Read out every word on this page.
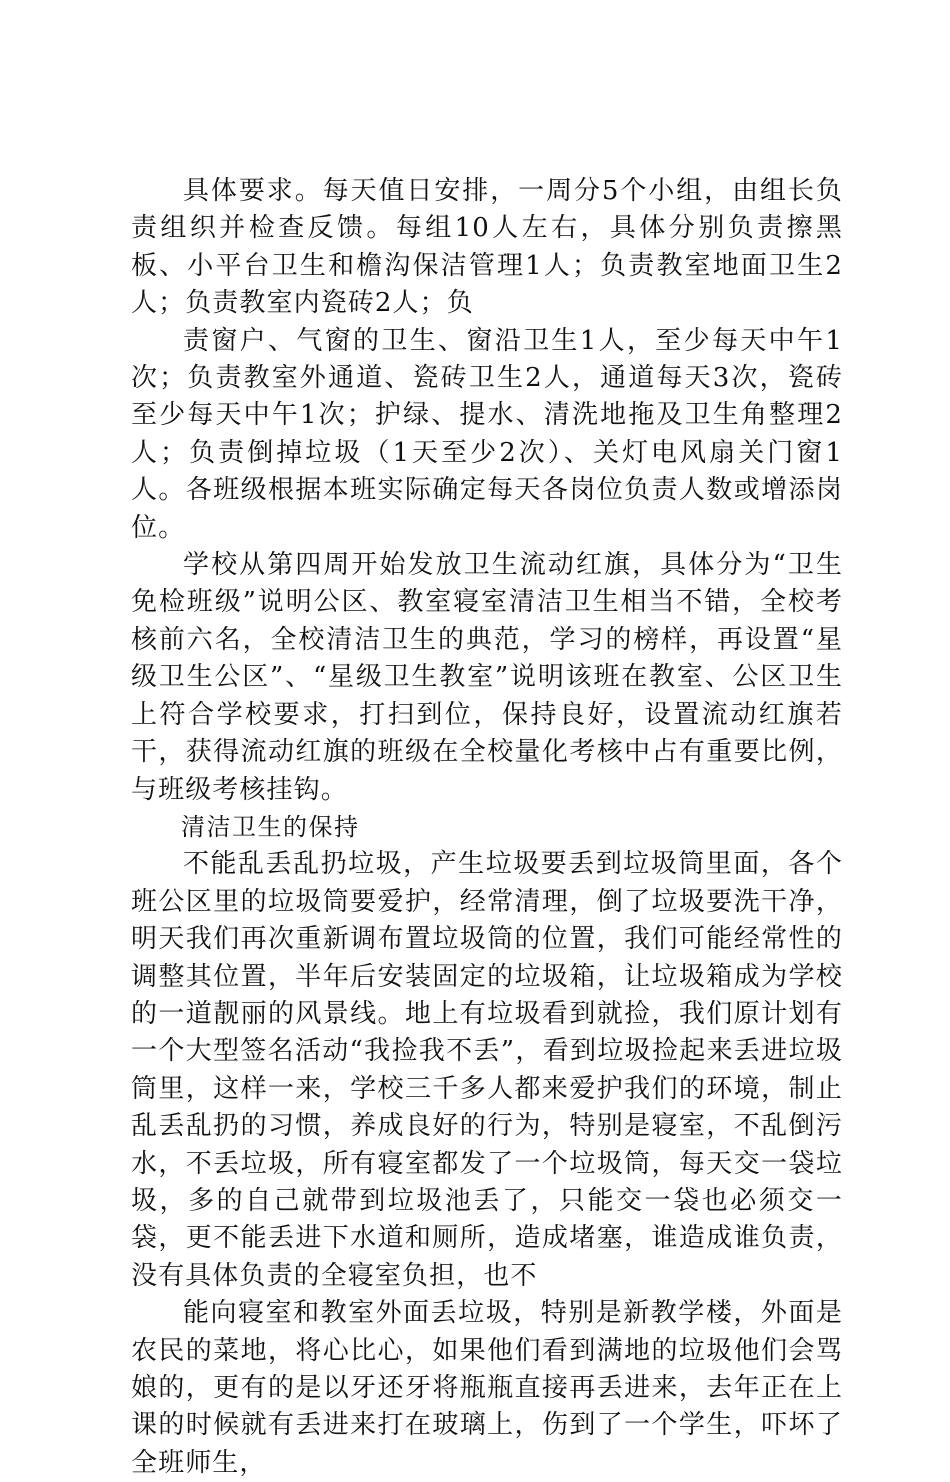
具体要求。每天值日安排，一周分5个小组，由组长负责组织并检查反馈。每组10人左右，具体分别负责擦黑板、小平台卫生和檐沟保洁管理1人；负责教室地面卫生2人；负责教室内瓷砖2人；负

责窗户、气窗的卫生、窗沿卫生1人，至少每天中午1次；负责教室外通道、瓷砖卫生2人，通道每天3次，瓷砖至少每天中午1次；护绿、提水、清洗地拖及卫生角整理2人；负责倒掉垃圾（1天至少2次）、关灯电风扇关门窗1人。各班级根据本班实际确定每天各岗位负责人数或增添岗位。

学校从第四周开始发放卫生流动红旗，具体分为“卫生免检班级”说明公区、教室寝室清洁卫生相当不错，全校考核前六名，全校清洁卫生的典范，学习的榜样，再设置“星级卫生公区”、“星级卫生教室”说明该班在教室、公区卫生上符合学校要求，打扫到位，保持良好，设置流动红旗若干，获得流动红旗的班级在全校量化考核中占有重要比例，与班级考核挂钩。

清洁卫生的保持

不能乱丢乱扔垃圾，产生垃圾要丢到垃圾筒里面，各个班公区里的垃圾筒要爱护，经常清理，倒了垃圾要洗干净，明天我们再次重新调布置垃圾筒的位置，我们可能经常性的调整其位置，半年后安装固定的垃圾箱，让垃圾箱成为学校的一道靓丽的风景线。地上有垃圾看到就捡，我们原计划有一个大型签名活动“我捡我不丢”，看到垃圾捡起来丢进垃圾筒里，这样一来，学校三千多人都来爱护我们的环境，制止乱丢乱扔的习惯，养成良好的行为，特别是寝室，不乱倒污水，不丢垃圾，所有寝室都发了一个垃圾筒，每天交一袋垃圾，多的自己就带到垃圾池丢了，只能交一袋也必须交一袋，更不能丢进下水道和厕所，造成堵塞，谁造成谁负责，没有具体负责的全寝室负担，也不

能向寝室和教室外面丢垃圾，特别是新教学楼，外面是农民的菜地，将心比心，如果他们看到满地的垃圾他们会骂娘的，更有的是以牙还牙将瓶瓶直接再丢进来，去年正在上课的时候就有丢进来打在玻璃上，伤到了一个学生，吓坏了全班师生，
